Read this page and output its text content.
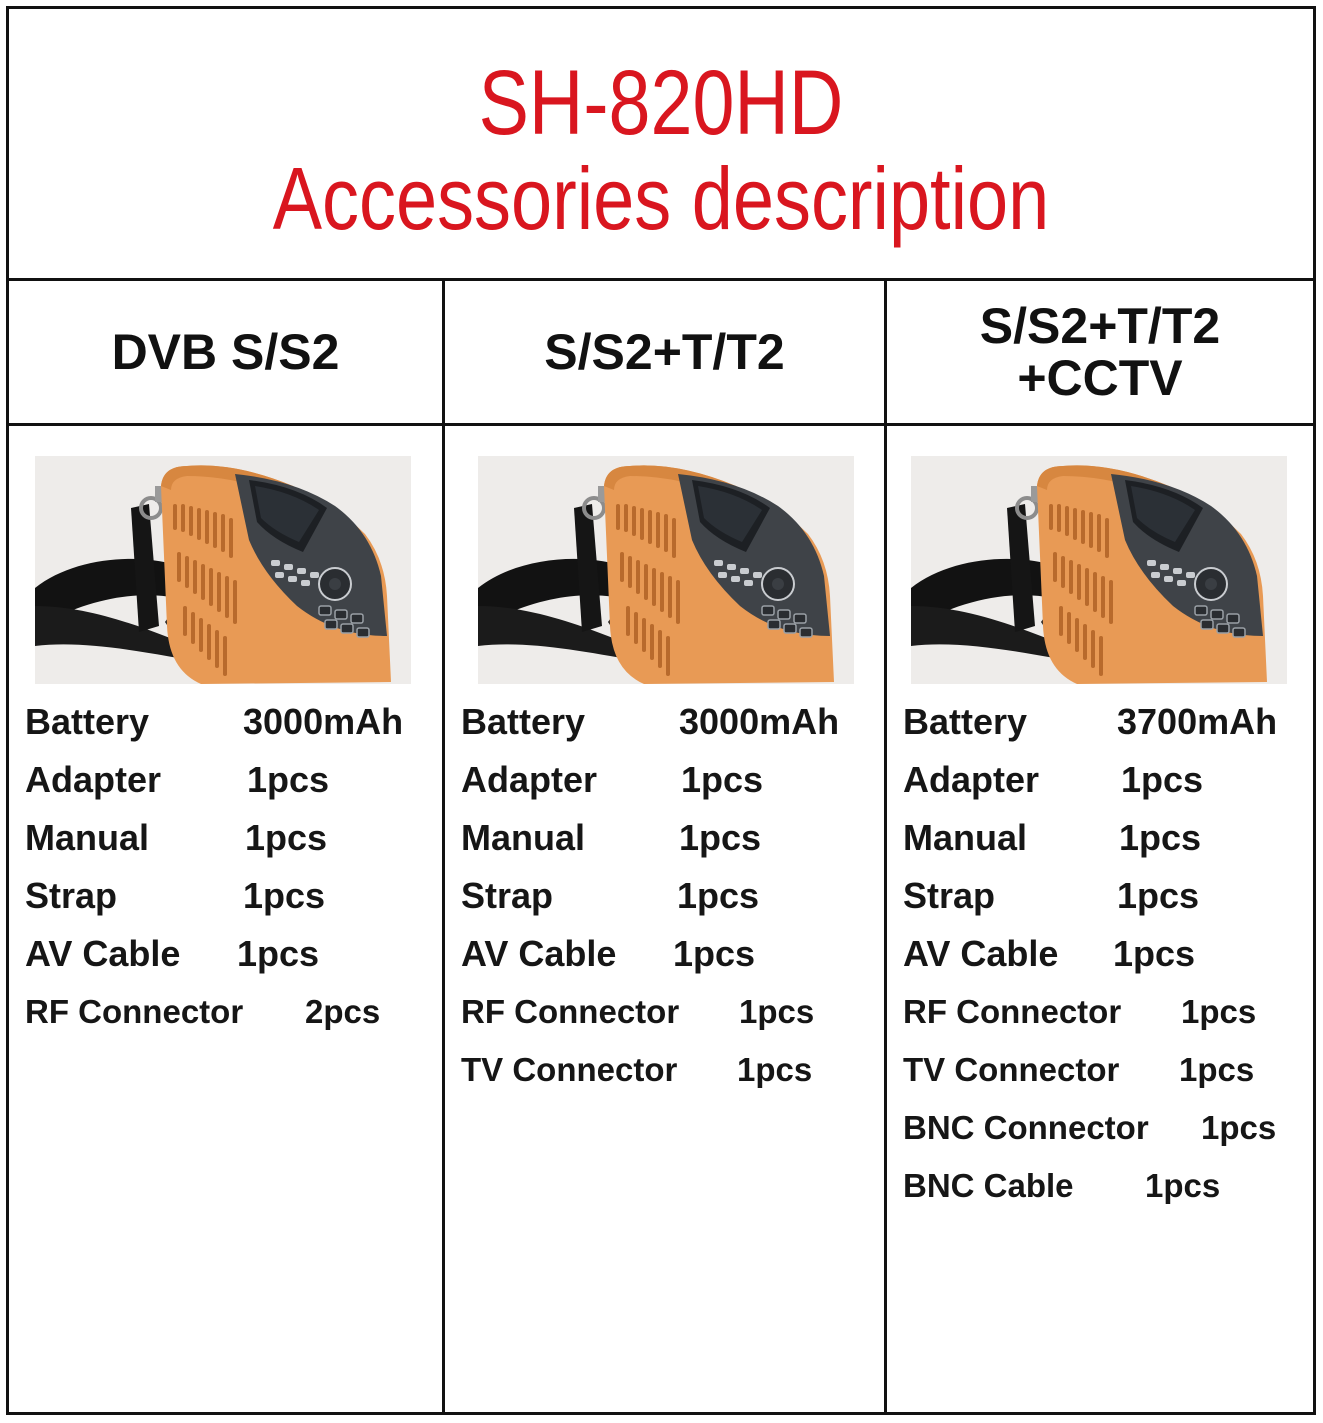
SH-820HD
Accessories description
DVB S/S2
Battery	3000mAh
Adapter 1pcs
Manual	1pcs
Strap	1pcs
AV Cable 1pcs
RF Connector 2pcs
S/S2+T/T2
Battery	3000mAh
Adapter 1pcs
Manual	1pcs
Strap	1pcs
AV Cable 1pcs
RF Connector 1pcs
TV Connector 1pcs
S/S2+T/T2
+CCTV
Battery 3700mAh
Adapter 1pcs
Manual	1pcs
Strap	1pcs
AV Cable 1pcs
RF Connector 1pcs
TV Connector 1pcs
BNC Connector 1pcs
BNC Cable 1pcs
